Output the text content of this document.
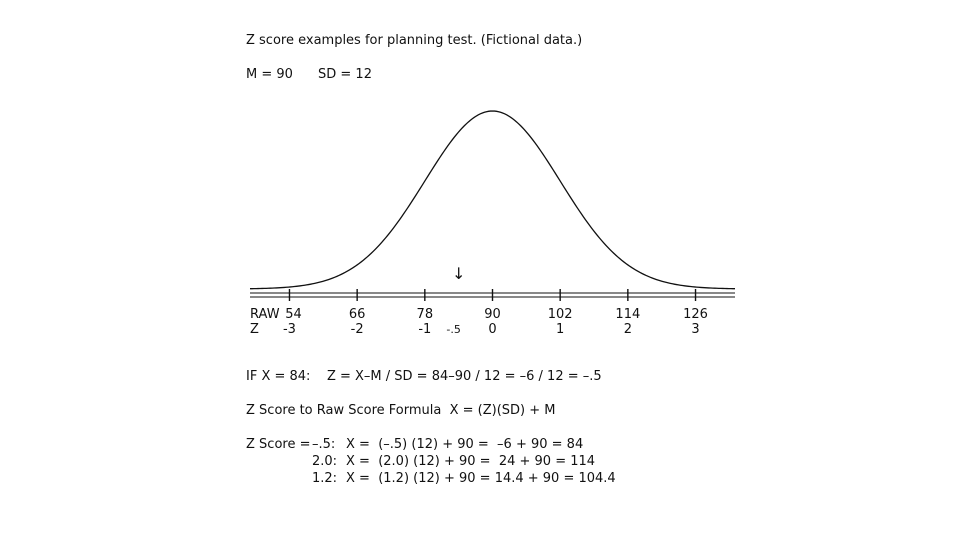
Z score examples for planning test. (Fictional data.)
M = 90 SD = 12
RAW
Z
54	66	78	90	102	114	126
-3	-2	-1	0	1	2	3
↓
-.5
IF X = 84:    Z = X–M / SD = 84–90 / 12 = –6 / 12 = –.5
Z Score to Raw Score Formula  X = (Z)(SD) + M
Z Score = –.5: X =  (–.5) (12) + 90 =  –6 + 90 = 84
2.0: X =  (2.0) (12) + 90 =  24 + 90 = 114
1.2: X =  (1.2) (12) + 90 = 14.4 + 90 = 104.4
